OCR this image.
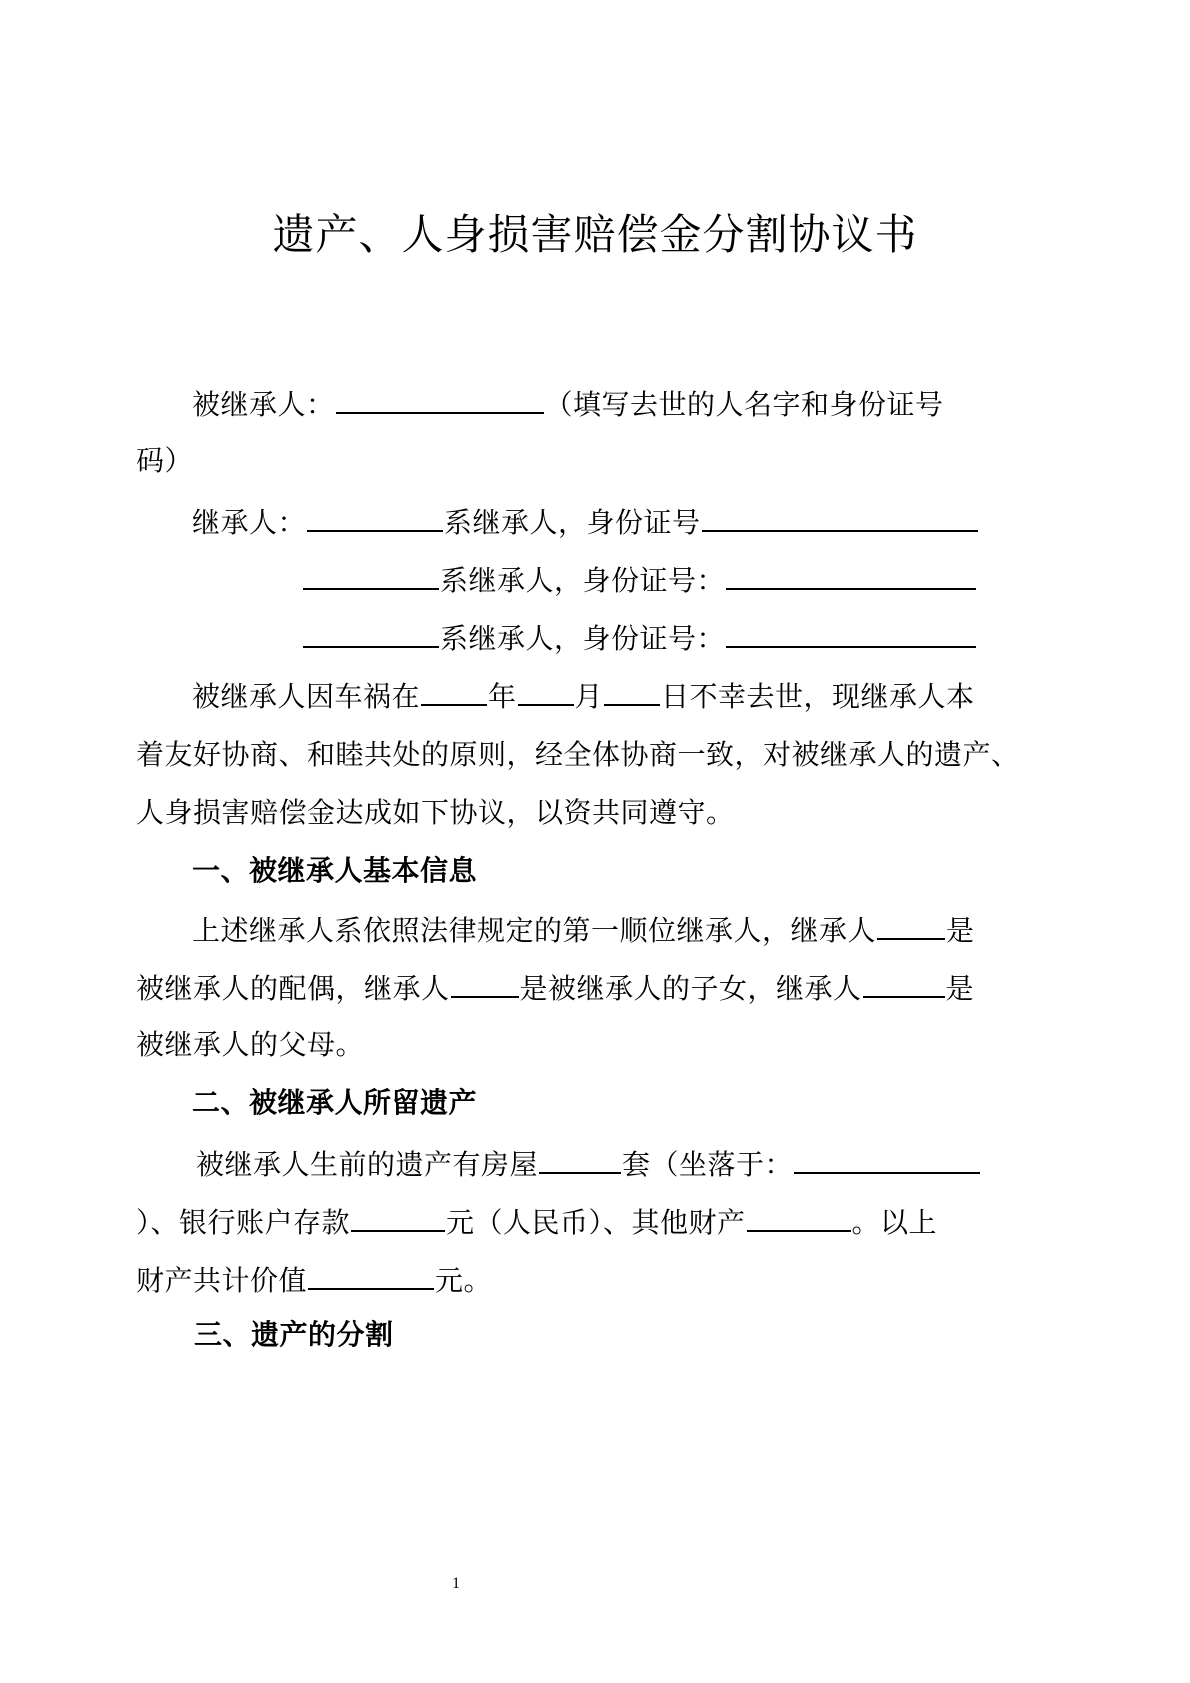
遗产、人身损害赔偿金分割协议书
被继承人：	（填写去世的人名字和身份证号
码）
继承人：	系继承人，身份证号
系继承人，身份证号：
系继承人，身份证号：
被继承人因车祸在 年 月 日不幸去世，现继承人本
着友好协商、和睦共处的原则，经全体协商一致，对被继承人的遗产、
人身损害赔偿金达成如下协议，以资共同遵守。
一、被继承人基本信息
上述继承人系依照法律规定的第一顺位继承人，继承人	是
被继承人的配偶，继承人	是被继承人的子女，继承人	是
被继承人的父母。
二、被继承人所留遗产
被继承人生前的遗产有房屋	套（坐落于：
）、银行账户存款	元（人民币）、其他财产	。以上
财产共计价值	元。
三、遗产的分割
1
